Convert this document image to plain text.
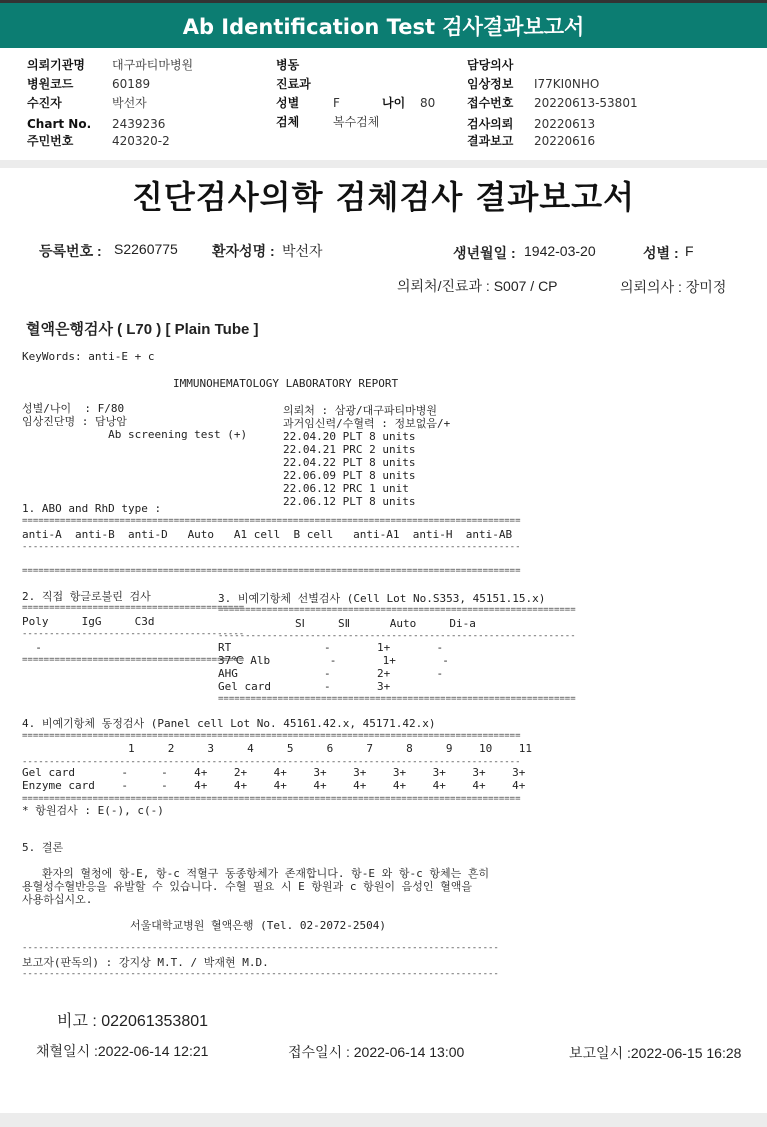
Ab Identification Test 검사결과보고서
의뢰기관명 대구파티마병원
병원코드	60189
수진자	박선자
Chart No. 2439236
주민번호	420320-2
병동
진료과
성별	F	나이 80
검체	복수검체
담당의사
임상정보 I77KI0NHO
접수번호 20220613-53801
검사의뢰 20220613
결과보고 20220616
진단검사의학 검체검사 결과보고서
등록번호 : S2260775 환자성명 : 박선자	생년월일 : 1942-03-20	성별 : F
의뢰처/진료과 : S007 / CP	의뢰의사 : 장미정
혈액은행검사 ( L70 ) [ Plain Tube ]
KeyWords: anti-E + c
IMMUNOHEMATOLOGY LABORATORY REPORT
성별/나이  : F/80
임상진단명 : 담낭암
Ab screening test (+)
의뢰처 : 삼광/대구파티마병원
과거임신력/수혈력 : 정보없음/+
22.04.20 PLT 8 units
22.04.21 PRC 2 units
22.04.22 PLT 8 units
22.06.09 PLT 8 units
22.06.12 PRC 1 unit
22.06.12 PLT 8 units
1. ABO and RhD type :
============================================================================================
anti-A  anti-B  anti-D   Auto   A1 cell  B cell   anti-A1  anti-H  anti-AB
--------------------------------------------------------------------------------------------
============================================================================================
2. 직접 항글로불린 검사
=========================================
Poly     IgG     C3d
-----------------------------------------
-
=========================================
3. 비예기항체 선별검사 (Cell Lot No.S353, 45151.15.x)
==================================================================
SⅠ     SⅡ      Auto     Di-a
------------------------------------------------------------------
RT              -       1+       -
37℃ Alb         -       1+       -
AHG             -       2+       -
Gel card        -       3+
==================================================================
4. 비예기항체 동정검사 (Panel cell Lot No. 45161.42.x, 45171.42.x)
============================================================================================
1     2     3     4     5     6     7     8     9    10    11
--------------------------------------------------------------------------------------------
Gel card       -     -    4+    2+    4+    3+    3+    3+    3+    3+    3+
Enzyme card    -     -    4+    4+    4+    4+    4+    4+    4+    4+    4+
============================================================================================
* 항원검사 : E(-), c(-)
5. 결론
환자의 혈청에 항-E, 항-c 적혈구 동종항체가 존재합니다. 항-E 와 항-c 항체는 흔히
용혈성수혈반응을 유발할 수 있습니다. 수혈 필요 시 E 항원과 c 항원이 음성인 혈액을
사용하십시오.
서울대학교병원 혈액은행 (Tel. 02-2072-2504)
----------------------------------------------------------------------------------------
보고자(판독의) : 강지상 M.T. / 박재현 M.D.
----------------------------------------------------------------------------------------
비고 : 022061353801
채혈일시 :2022-06-14 12:21	접수일시 : 2022-06-14 13:00	보고일시 :2022-06-15 16:28
